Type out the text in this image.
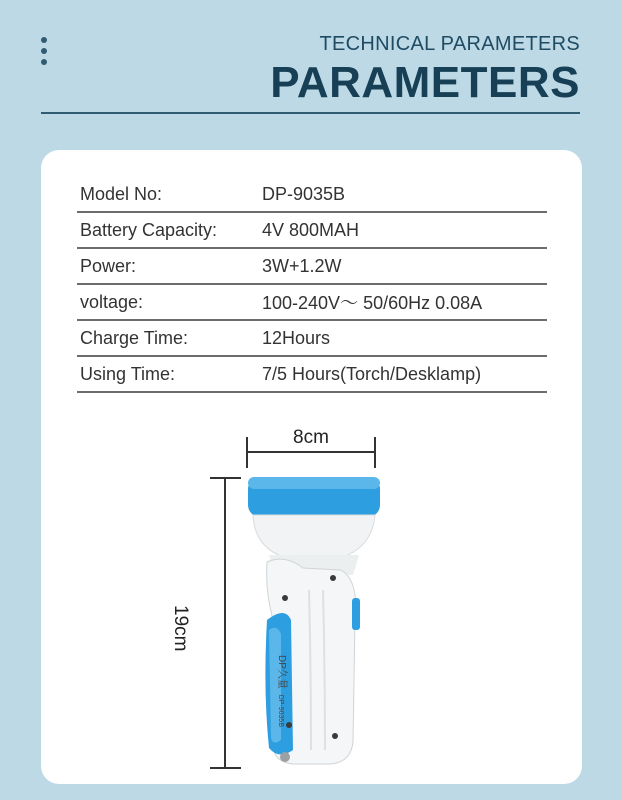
TECHNICAL PARAMETERS
PARAMETERS
Model No:	DP-9035B
Battery Capacity:	4V 800MAH
Power:	3W+1.2W
voltage:	100-240V～ 50/60Hz 0.08A
Charge Time:	12Hours
Using Time:	7/5 Hours(Torch/Desklamp)
8cm
19cm
DP久量 DP-9035B
